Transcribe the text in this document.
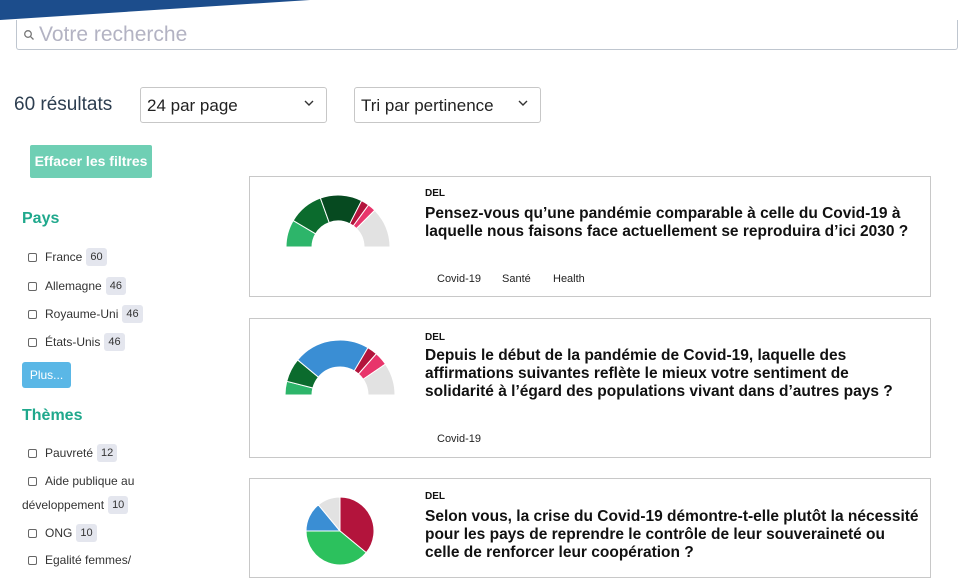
Votre recherche
60 résultats 24 par page	Tri par pertinence
Effacer les filtres
Pays
France 60
Allemagne 46
Royaume-Uni 46
États-Unis 46
Plus...
Thèmes
Pauvreté 12
Aide publique au
développement 10
ONG 10
Egalité femmes/
DEL
Pensez-vous qu’une pandémie comparable à celle du Covid-19 à laquelle nous faisons face actuellement se reproduira d’ici 2030 ?
Covid-19 Santé Health
DEL
Depuis le début de la pandémie de Covid-19, laquelle des affirmations suivantes reflète le mieux votre sentiment de solidarité à l’égard des populations vivant dans d’autres pays ?
Covid-19
DEL
Selon vous, la crise du Covid-19 démontre-t-elle plutôt la nécessité pour les pays de reprendre le contrôle de leur souveraineté ou celle de renforcer leur coopération ?
